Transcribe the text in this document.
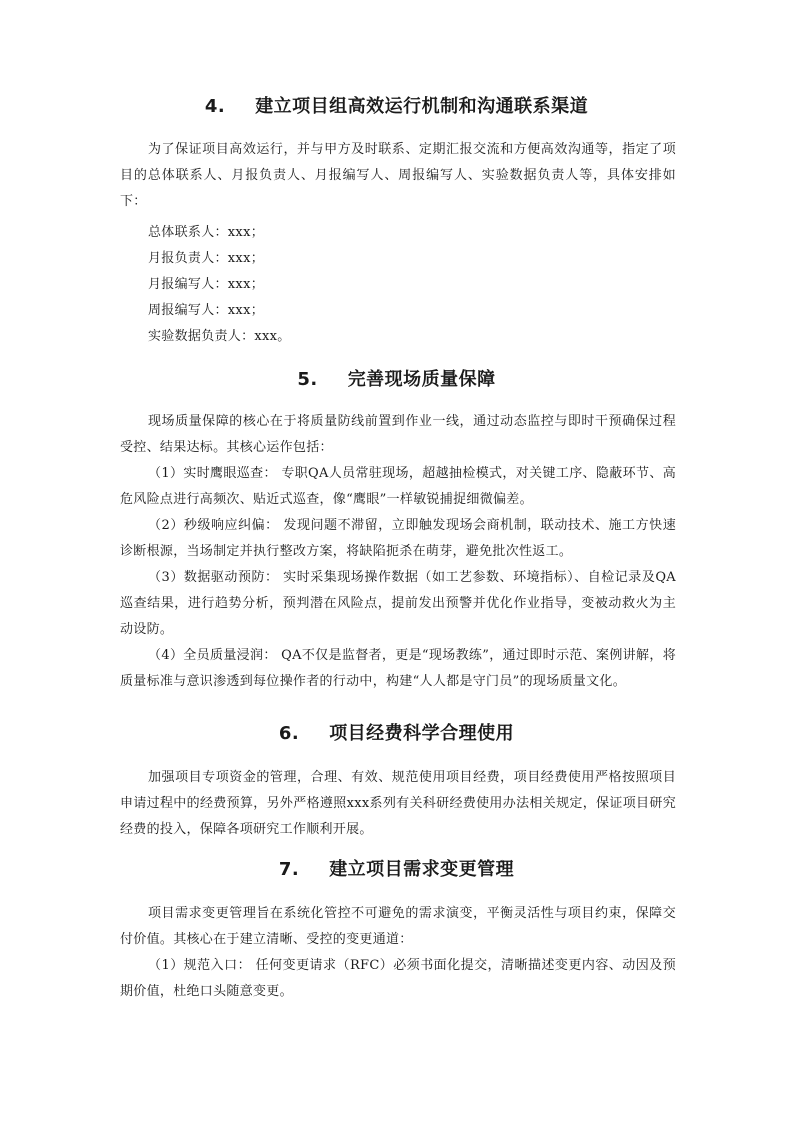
4. 建立项目组高效运行机制和沟通联系渠道
为了保证项目高效运行，并与甲方及时联系、定期汇报交流和方便高效沟通等，指定了项目的总体联系人、月报负责人、月报编写人、周报编写人、实验数据负责人等，具体安排如下：
总体联系人：xxx；
月报负责人：xxx；
月报编写人：xxx；
周报编写人：xxx；
实验数据负责人：xxx。
5. 完善现场质量保障
现场质量保障的核心在于将质量防线前置到作业一线，通过动态监控与即时干预确保过程受控、结果达标。其核心运作包括：
（1）实时鹰眼巡查： 专职QA人员常驻现场，超越抽检模式，对关键工序、隐蔽环节、高危风险点进行高频次、贴近式巡查，像“鹰眼”一样敏锐捕捉细微偏差。
（2）秒级响应纠偏： 发现问题不滞留，立即触发现场会商机制，联动技术、施工方快速诊断根源，当场制定并执行整改方案，将缺陷扼杀在萌芽，避免批次性返工。
（3）数据驱动预防： 实时采集现场操作数据（如工艺参数、环境指标）、自检记录及QA巡查结果，进行趋势分析，预判潜在风险点，提前发出预警并优化作业指导，变被动救火为主动设防。
（4）全员质量浸润： QA不仅是监督者，更是“现场教练”，通过即时示范、案例讲解，将质量标准与意识渗透到每位操作者的行动中，构建“人人都是守门员”的现场质量文化。
6. 项目经费科学合理使用
加强项目专项资金的管理，合理、有效、规范使用项目经费，项目经费使用严格按照项目申请过程中的经费预算，另外严格遵照xxx系列有关科研经费使用办法相关规定，保证项目研究经费的投入，保障各项研究工作顺利开展。
7. 建立项目需求变更管理
项目需求变更管理旨在系统化管控不可避免的需求演变，平衡灵活性与项目约束，保障交付价值。其核心在于建立清晰、受控的变更通道：
（1）规范入口： 任何变更请求（RFC）必须书面化提交，清晰描述变更内容、动因及预期价值，杜绝口头随意变更。
